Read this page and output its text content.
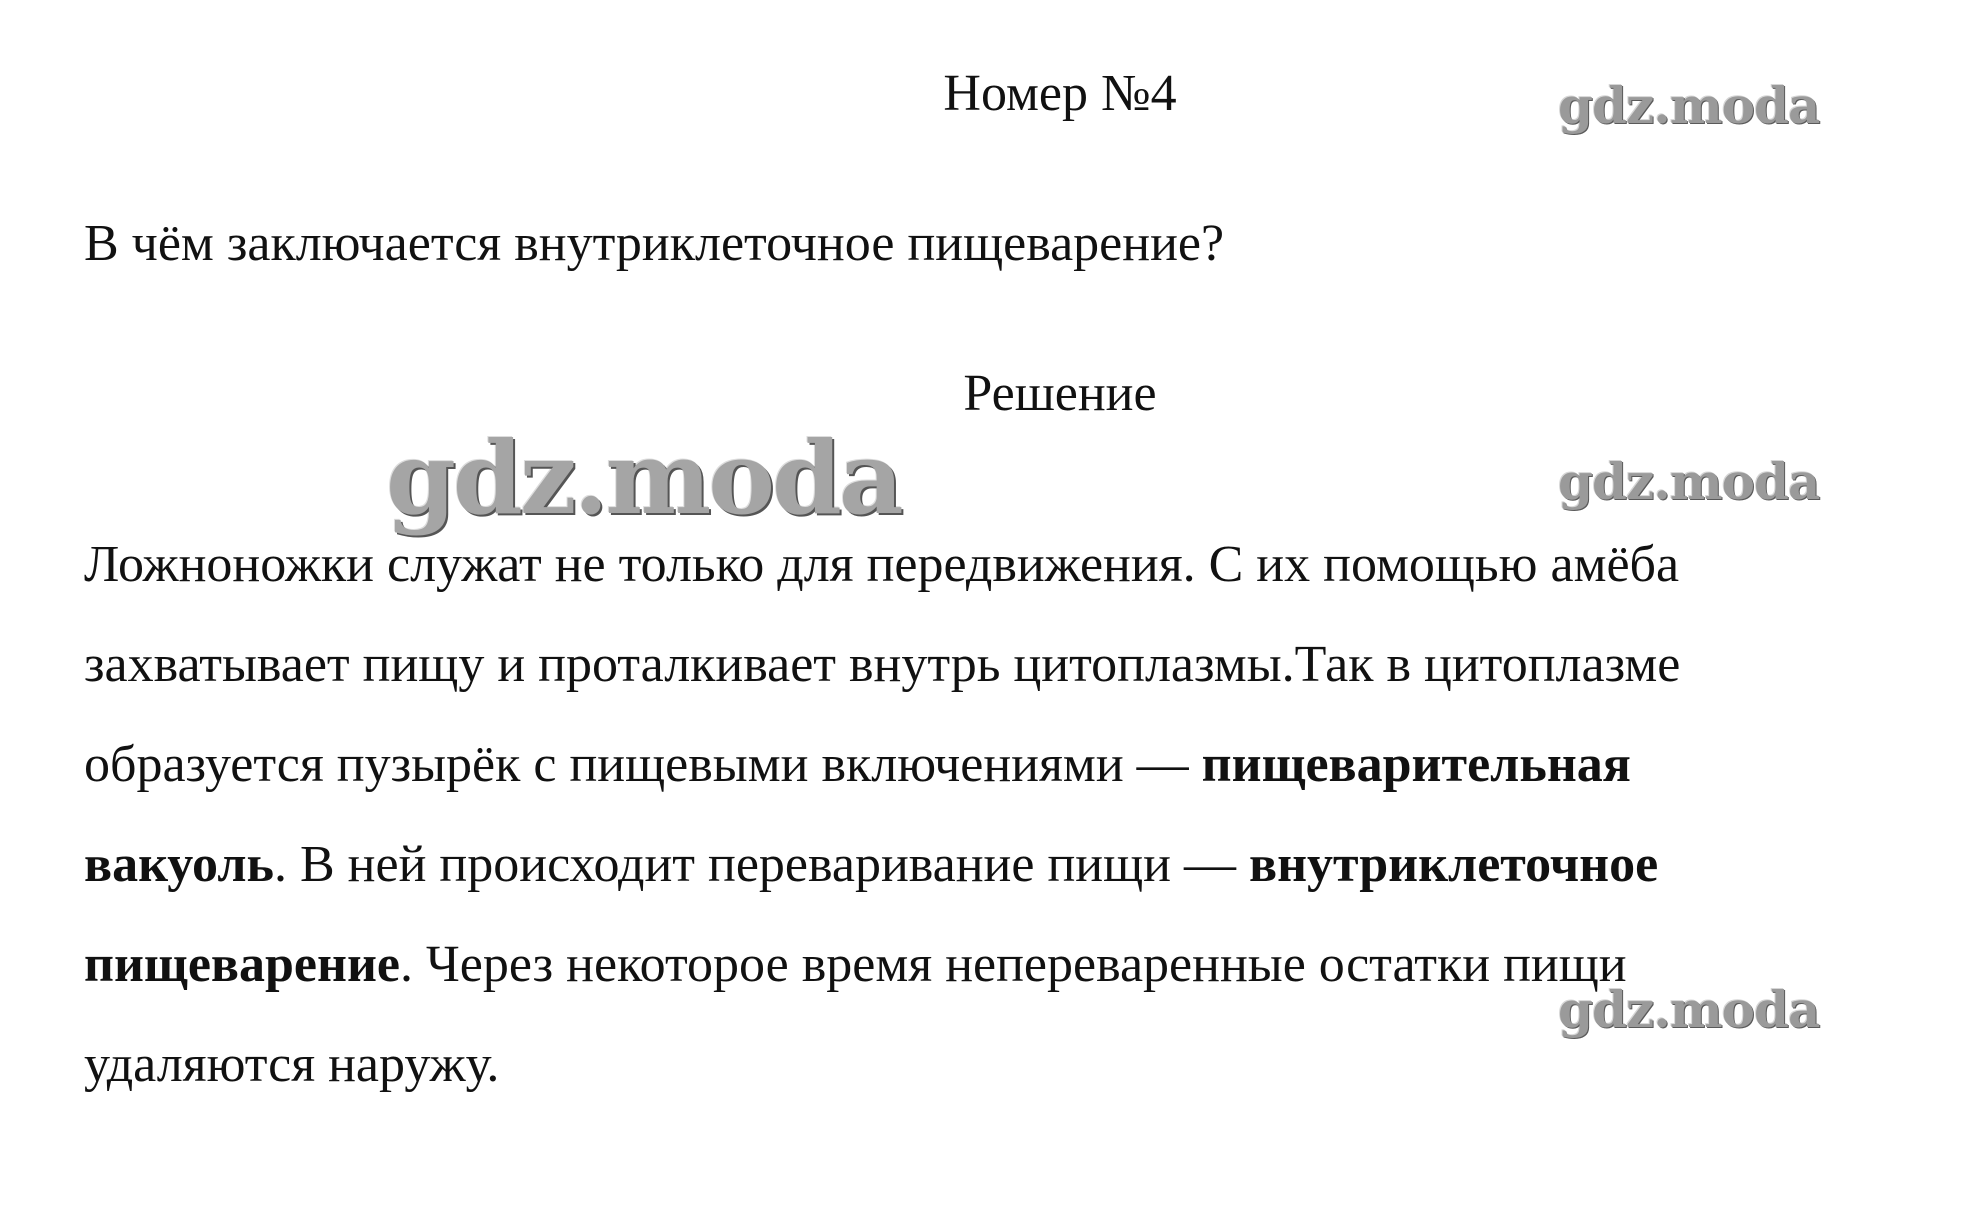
Номер №4	gdz.moda
В чём заключается внутриклеточное пищеварение?
Решение
gdz.moda	gdz.moda
Ложноножки служат не только для передвижения. С их помощью амёба
захватывает пищу и проталкивает внутрь цитоплазмы.Так в цитоплазме
образуется пузырёк с пищевыми включениями — пищеварительная
вакуоль. В ней происходит переваривание пищи — внутриклеточное
пищеварение. Через некоторое время непереваренные остатки пищи
удаляются наружу.
gdz.moda
